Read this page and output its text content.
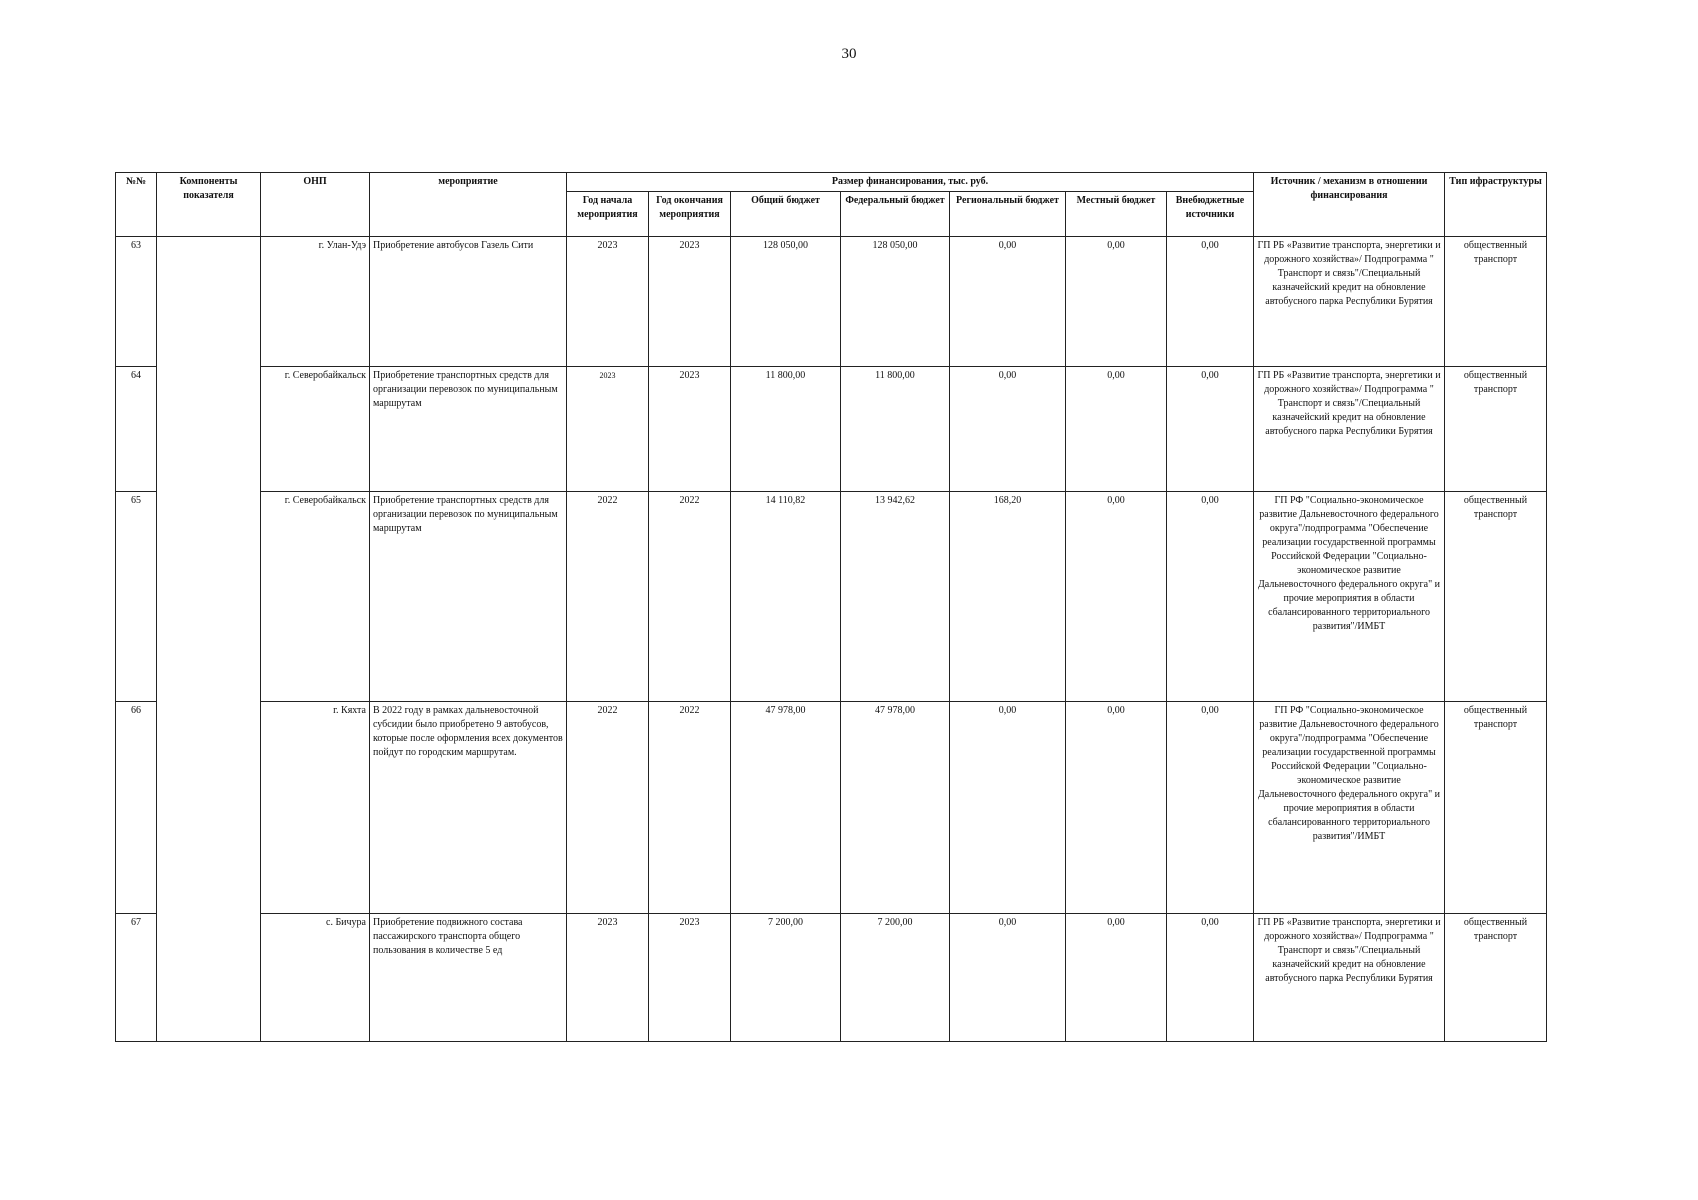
30
№№	Компоненты показателя	ОНП	мероприятие	Размер финансирования, тыс. руб.							Источник / механизм в отношении финансирования	Тип ифраструктуры
				Год начала мероприятия	Год окончания мероприятия	Общий бюджет	Федеральный бюджет	Региональный бюджет	Местный бюджет	Внебюджетные источники		
63		г. Улан-Удэ	Приобретение автобусов Газель Сити	2023	2023	128 050,00	128 050,00	0,00	0,00	0,00	ГП РБ «Развитие транспорта, энергетики и дорожного хозяйства»/ Подпрограмма " Транспорт и связь"/Специальный казначейский кредит на обновление автобусного парка Республики Бурятия	общественный транспорт
64		г. Северобайкальск	Приобретение транспортных средств для организации перевозок по муниципальным маршрутам	2023	2023	11 800,00	11 800,00	0,00	0,00	0,00	ГП РБ «Развитие транспорта, энергетики и дорожного хозяйства»/ Подпрограмма " Транспорт и связь"/Специальный казначейский кредит на обновление автобусного парка Республики Бурятия	общественный транспорт
65		г. Северобайкальск	Приобретение транспортных средств для организации перевозок по муниципальным маршрутам	2022	2022	14 110,82	13 942,62	168,20	0,00	0,00	ГП РФ "Социально-экономическое развитие Дальневосточного федерального округа"/подпрограмма "Обеспечение реализации государственной программы Российской Федерации "Социально-экономическое развитие Дальневосточного федерального округа" и прочие мероприятия в области сбалансированного территориального развития"/ИМБТ	общественный транспорт
66		г. Кяхта	В 2022 году в рамках дальневосточной субсидии было приобретено 9 автобусов, которые после оформления всех документов пойдут по городским маршрутам.	2022	2022	47 978,00	47 978,00	0,00	0,00	0,00	ГП РФ "Социально-экономическое развитие Дальневосточного федерального округа"/подпрограмма "Обеспечение реализации государственной программы Российской Федерации "Социально-экономическое развитие Дальневосточного федерального округа" и прочие мероприятия в области сбалансированного территориального развития"/ИМБТ	общественный транспорт
67		с. Бичура	Приобретение подвижного состава пассажирского транспорта общего пользования в количестве 5 ед	2023	2023	7 200,00	7 200,00	0,00	0,00	0,00	ГП РБ «Развитие транспорта, энергетики и дорожного хозяйства»/ Подпрограмма " Транспорт и связь"/Специальный казначейский кредит на обновление автобусного парка Республики Бурятия	общественный транспорт
